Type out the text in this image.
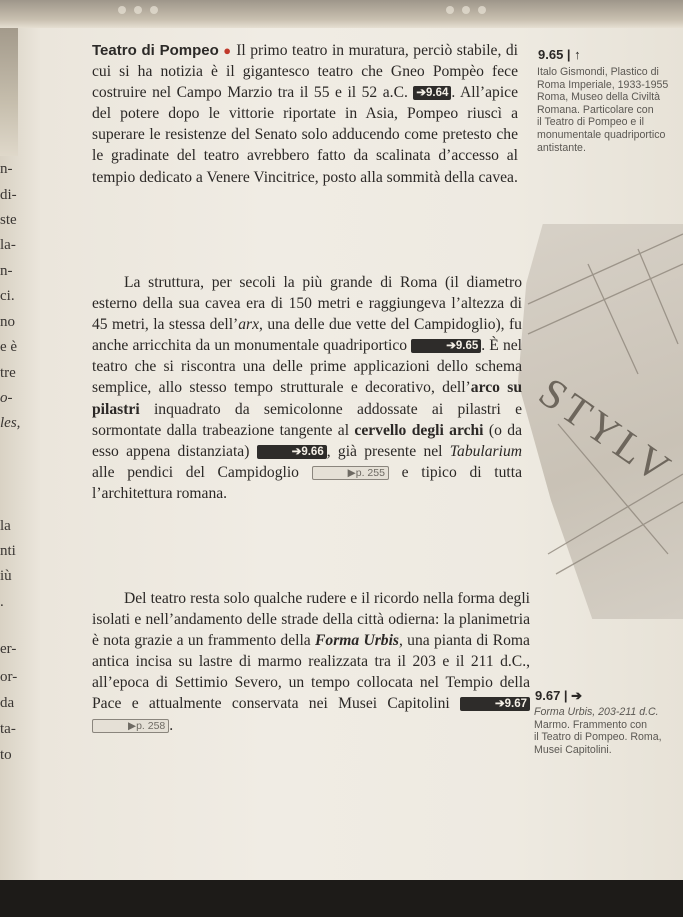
STYLV
n-
di-
ste
la-
n-
ci.
no
e è
tre
o-
les,
la
nti
iù
.
er-
or-
da
ta-
to
Teatro di Pompeo ● Il primo teatro in muratura, perciò stabile, di cui si ha notizia è il gigantesco teatro che Gneo Pompèo fece costruire nel Campo Marzio tra il 55 e il 52 a.C. ➔9.64 . All’apice del potere dopo le vittorie riportate in Asia, Pompeo riuscì a superare le resistenze del Senato solo adducendo come pretesto che le gradinate del teatro avrebbero fatto da scalinata d’accesso al tempio dedicato a Venere Vincitrice, posto alla sommità della cavea.
La struttura, per secoli la più grande di Roma (il diametro esterno della sua cavea era di 150 metri e raggiungeva l’altezza di 45 metri, la stessa dell’arx, una delle due vette del Campidoglio), fu anche arricchita da un monumentale quadriportico	➔9.65 . È nel teatro che si riscontra una delle prime applicazioni dello schema semplice, allo stesso tempo strutturale e decorativo, dell’arco su pilastri inquadrato da semicolonne addossate ai pilastri e sormontate dalla trabeazione tangente al cervello degli archi (o da esso appena distanziata)	➔9.66 , già presente nel Tabularium alle pendici del Campidoglio	▶p. 255 e tipico di tutta l’architettura romana.
Del teatro resta solo qualche rudere e il ricordo nella forma degli isolati e nell’andamento delle strade della città odierna: la planimetria è nota grazie a un frammento della Forma Urbis, una pianta di Roma antica incisa su lastre di marmo realizzata tra il 203 e il 211 d.C., all’epoca di Settimio Severo, un tempo collocata nel Tempio della Pace e attualmente conservata nei Musei Capitolini	➔9.67 ▶p. 258 .
9.65 | ↑
Italo Gismondi, Plastico di
Roma Imperiale, 1933-1955
Roma, Museo della Civiltà
Romana. Particolare con
il Teatro di Pompeo e il
monumentale quadriportico
antistante.
9.67 | ➔
Forma Urbis, 203-211 d.C.
Marmo. Frammento con
il Teatro di Pompeo. Roma,
Musei Capitolini.
